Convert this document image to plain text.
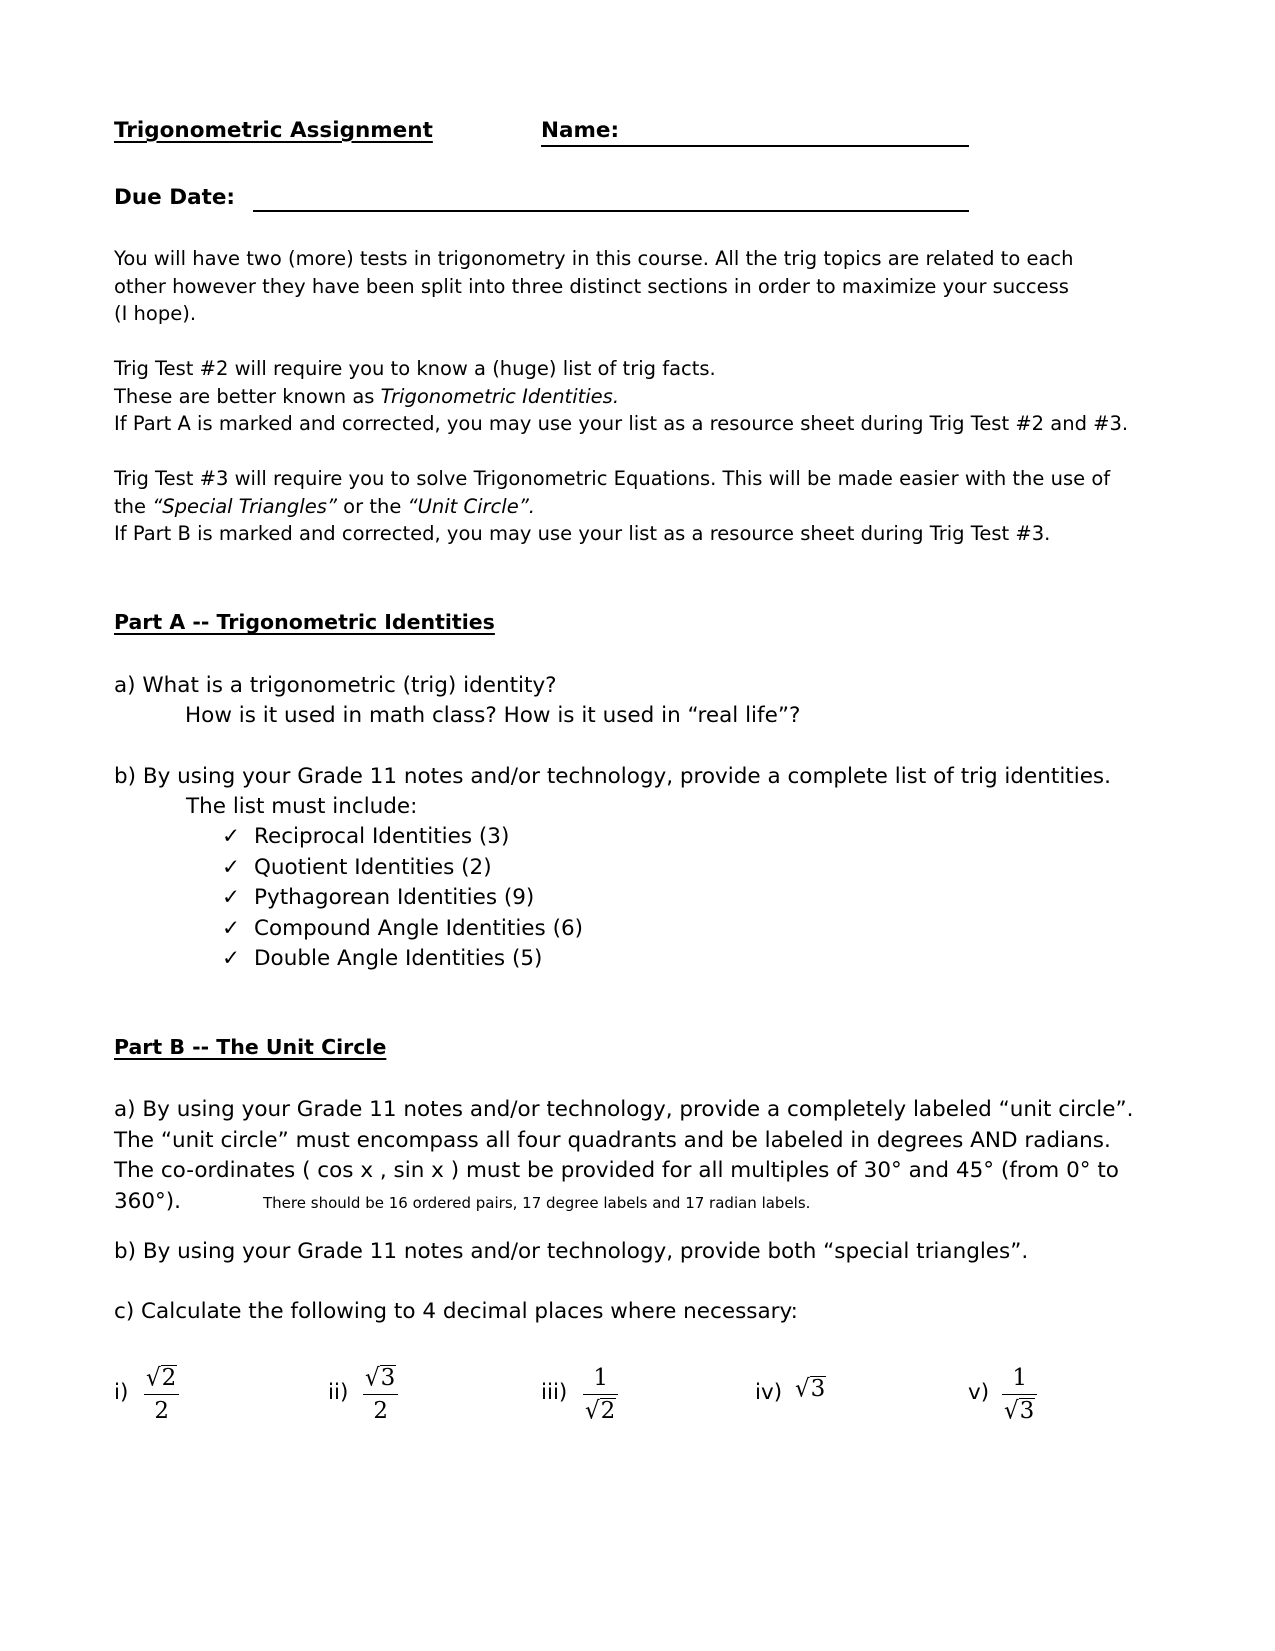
Trigonometric Assignment	Name:
Due Date:
You will have two (more) tests in trigonometry in this course. All the trig topics are related to each
other however they have been split into three distinct sections in order to maximize your success
(I hope).
Trig Test #2 will require you to know a (huge) list of trig facts.
These are better known as Trigonometric Identities.
If Part A is marked and corrected, you may use your list as a resource sheet during Trig Test #2 and #3.
Trig Test #3 will require you to solve Trigonometric Equations. This will be made easier with the use of
the “Special Triangles” or the “Unit Circle”.
If Part B is marked and corrected, you may use your list as a resource sheet during Trig Test #3.
Part A -- Trigonometric Identities
a) What is a trigonometric (trig) identity?
How is it used in math class? How is it used in “real life”?
b) By using your Grade 11 notes and/or technology, provide a complete list of trig identities.
The list must include:
✓ Reciprocal Identities (3)
✓ Quotient Identities (2)
✓ Pythagorean Identities (9)
✓ Compound Angle Identities (6)
✓ Double Angle Identities (5)
Part B -- The Unit Circle
a) By using your Grade 11 notes and/or technology, provide a completely labeled “unit circle”.
The “unit circle” must encompass all four quadrants and be labeled in degrees AND radians.
The co-ordinates ( cos x , sin x ) must be provided for all multiples of 30° and 45° (from 0° to
360°).	There should be 16 ordered pairs, 17 degree labels and 17 radian labels.
b) By using your Grade 11 notes and/or technology, provide both “special triangles”.
c) Calculate the following to 4 decimal places where necessary:
$i) \frac{√2}{2}$	$ii) \frac{√3}{2}$	$iii) \frac{1}{√2}$	iv) √3	$v) \frac{1}{√3}$
